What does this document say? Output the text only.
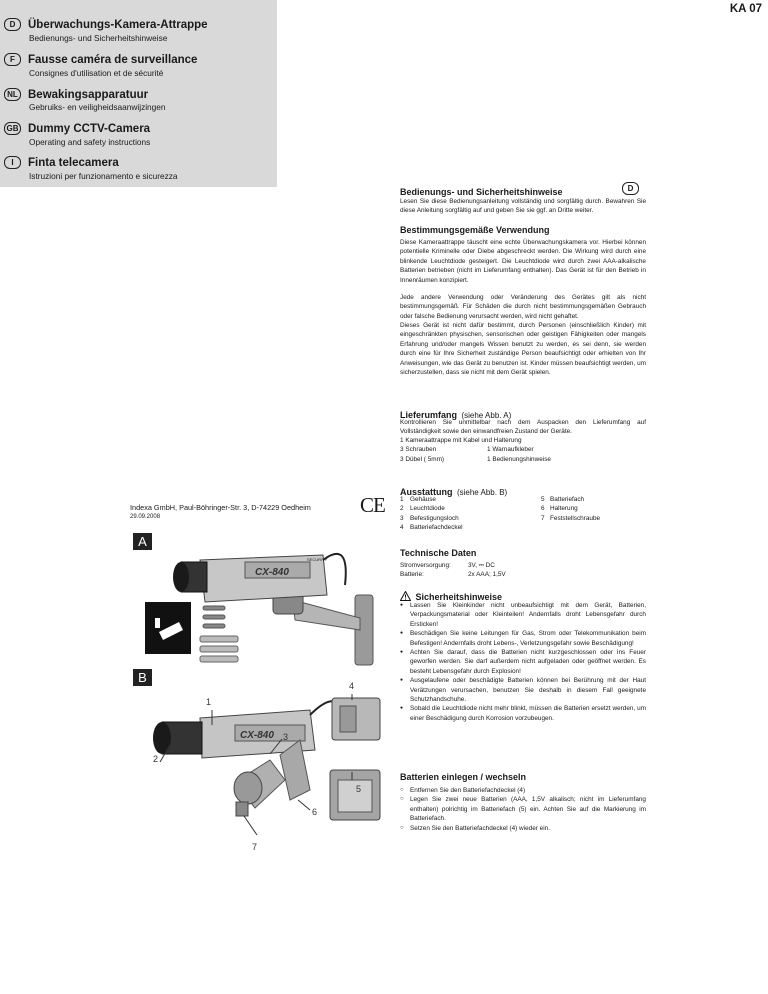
KA 07
D Überwachungs-Kamera-Attrappe
Bedienungs- und Sicherheitshinweise
F Fausse caméra de surveillance
Consignes d'utilisation et de sécurité
NL Bewakingsapparatuur
Gebruiks- en veiligheidsaanwijzingen
GB Dummy CCTV-Camera
Operating and safety instructions
I Finta telecamera
Istruzioni per funzionamento e sicurezza
Indexa GmbH, Paul-Böhringer-Str. 3, D-74229 Oedheim
29.09.2008	CE
A
CX-840
SECURITY
B
CX-840
1
2
3
4
5
6
7
Bedienungs- und Sicherheitshinweise	D
Lesen Sie diese Bedienungsanleitung vollständig und sorgfältig durch. Bewahren Sie diese Anleitung sorgfältig auf und geben Sie sie ggf. an Dritte weiter.
Bestimmungsgemäße Verwendung
Diese Kameraattrappe täuscht eine echte Überwachungskamera vor. Hierbei können potentielle Kriminelle oder Diebe abgeschreckt werden. Die Wirkung wird durch eine blinkende Leuchtdiode gesteigert. Die Leuchtdiode wird durch zwei AAA-alkalische Batterien betrieben (nicht im Lieferumfang enthalten). Das Gerät ist für den Betrieb in Innenräumen konzipiert.
Jede andere Verwendung oder Veränderung des Gerätes gilt als nicht bestimmungsgemäß. Für Schäden die durch nicht bestimmungsgemäßen Gebrauch oder falsche Bedienung verursacht werden, wird nicht gehaftet.
Dieses Gerät ist nicht dafür bestimmt, durch Personen (einschließlich Kinder) mit eingeschränkten physischen, sensorischen oder geistigen Fähigkeiten oder mangels Erfahrung und/oder mangels Wissen benutzt zu werden, es sei denn, sie werden durch eine für Ihre Sicherheit zuständige Person beaufsichtigt oder erhielten von Ihr Anweisungen, wie das Gerät zu benutzen ist. Kinder müssen beaufsichtigt werden, um sicherzustellen, dass sie nicht mit dem Gerät spielen.
Lieferumfang (siehe Abb. A)
Kontrollieren Sie unmittelbar nach dem Auspacken den Lieferumfang auf Vollständigkeit sowie den einwandfreien Zustand der Geräte.
1 Kameraattrappe mit Kabel und Halterung
3 Schrauben	1 Warnaufkleber
3 Dübel ( 5mm)	1 Bedienungshinweise
Ausstattung (siehe Abb. B)
1 Gehäuse	5 Batteriefach
2 Leuchtdiode	6 Halterung
3 Befestigungsloch	7 Feststellschraube
4 Batteriefachdeckel
Technische Daten
Stromversorgung:	3V, ⎓ DC
Batterie:	2x AAA; 1,5V
Sicherheitshinweise
● Lassen Sie Kleinkinder nicht unbeaufsichtigt mit dem Gerät, Batterien, Verpackungsmaterial oder Kleinteilen! Andernfalls droht Lebensgefahr durch Ersticken!
● Beschädigen Sie keine Leitungen für Gas, Strom oder Telekommunikation beim Befestigen! Andernfalls droht Lebens-, Verletzungsgefahr sowie Beschädigung!
● Achten Sie darauf, dass die Batterien nicht kurzgeschlossen oder ins Feuer geworfen werden. Sie darf außerdem nicht aufgeladen oder geöffnet werden. Es besteht Lebensgefahr durch Explosion!
● Ausgelaufene oder beschädigte Batterien können bei Berührung mit der Haut Verätzungen verursachen, benutzen Sie deshalb in diesem Fall geeignete Schutzhandschuhe.
● Sobald die Leuchtdiode nicht mehr blinkt, müssen die Batterien ersetzt werden, um einer Beschädigung durch Korrosion vorzubeugen.
Batterien einlegen / wechseln
○ Entfernen Sie den Batteriefachdeckel (4)
○ Legen Sie zwei neue Batterien (AAA, 1,5V alkalisch; nicht im Lieferumfang enthalten) polrichtig im Batteriefach (5) ein. Achten Sie auf die Markierung im Batteriefach.
○ Setzen Sie den Batteriefachdeckel (4) wieder ein.
